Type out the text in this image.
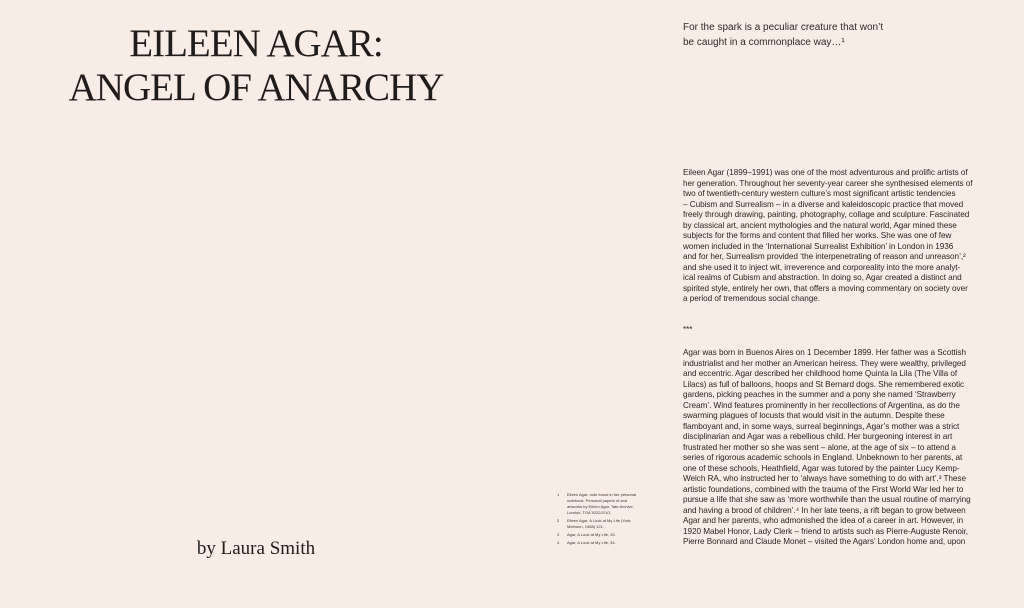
EILEEN AGAR:
ANGEL OF ANARCHY

by Laura Smith

For the spark is a peculiar creature that won’t
be caught in a commonplace way…¹

Eileen Agar (1899–1991) was one of the most adventurous and prolific artists of
her generation. Throughout her seventy-year career she synthesised elements of
two of twentieth-century western culture’s most significant artistic tendencies
– Cubism and Surrealism – in a diverse and kaleidoscopic practice that moved
freely through drawing, painting, photography, collage and sculpture. Fascinated
by classical art, ancient mythologies and the natural world, Agar mined these
subjects for the forms and content that filled her works. She was one of few
women included in the ‘International Surrealist Exhibition’ in London in 1936
and for her, Surrealism provided ‘the interpenetrating of reason and unreason’,²
and she used it to inject wit, irreverence and corporeality into the more analyt-
ical realms of Cubism and abstraction. In doing so, Agar created a distinct and
spirited style, entirely her own, that offers a moving commentary on society over
a period of tremendous social change.

***

Agar was born in Buenos Aires on 1 December 1899. Her father was a Scottish
industrialist and her mother an American heiress. They were wealthy, privileged
and eccentric. Agar described her childhood home Quinta la Lila (The Villa of
Lilacs) as full of balloons, hoops and St Bernard dogs. She remembered exotic
gardens, picking peaches in the summer and a pony she named ‘Strawberry
Cream’. Wind features prominently in her recollections of Argentina, as do the
swarming plagues of locusts that would visit in the autumn. Despite these
flamboyant and, in some ways, surreal beginnings, Agar’s mother was a strict
disciplinarian and Agar was a rebellious child. Her burgeoning interest in art
frustrated her mother so she was sent – alone, at the age of six – to attend a
series of rigorous academic schools in England. Unbeknown to her parents, at
one of these schools, Heathfield, Agar was tutored by the painter Lucy Kemp-
Welch RA, who instructed her to ‘always have something to do with art’.³ These
artistic foundations, combined with the trauma of the First World War led her to
pursue a life that she saw as ‘more worthwhile than the usual routine of marrying
and having a brood of children’.⁴ In her late teens, a rift began to grow between
Agar and her parents, who admonished the idea of a career in art. However, in
1920 Mabel Honor, Lady Clerk – friend to artists such as Pierre-Auguste Renoir,
Pierre Bonnard and Claude Monet – visited the Agars’ London home and, upon

1	Eileen Agar, note found in her personal
notebook. Personal papers of and
artworks by Eileen Agar, Tate Archive,
London, TGA 9222/2/1/1.
2	Eileen Agar, A Look at My Life (York:
Methuen, 1988) 121.
3	Agar, A Look at My Life, 26.
4	Agar, A Look at My Life, 34.
